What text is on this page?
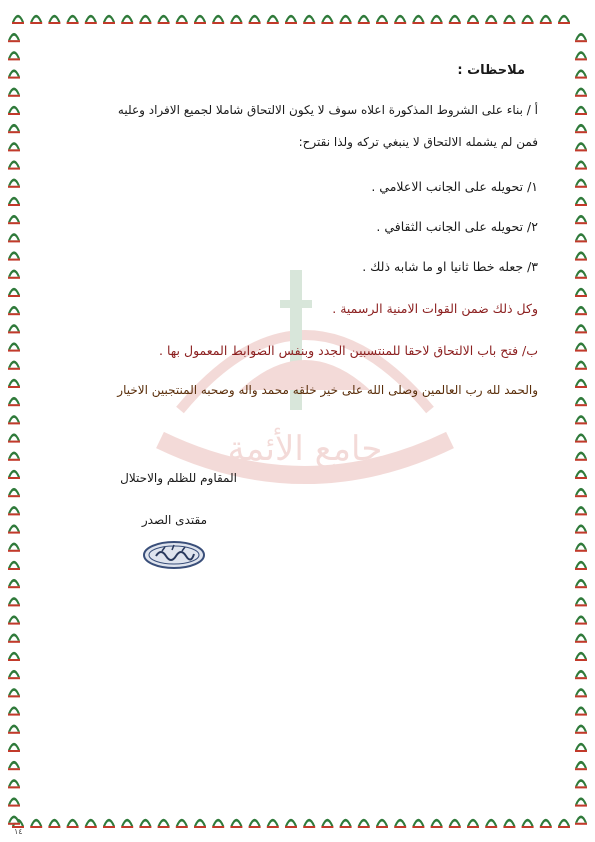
جامع الأئمة
ملاحظات :
أ / بناء على الشروط المذكورة اعلاه سوف لا يكون الالتحاق شاملا لجميع الافراد وعليه
فمن لم يشمله الالتحاق لا ينبغي تركه ولذا نقترح:
١/ تحويله على الجانب الاعلامي .
٢/ تحويله على الجانب الثقافي .
٣/ جعله خطا ثانيا او ما شابه ذلك .
وكل ذلك ضمن القوات الامنية الرسمية .
ب/ فتح باب الالتحاق لاحقا للمنتسبين الجدد وبنفس الضوابط المعمول بها .
والحمد لله رب العالمين وصلى الله على خير خلقه محمد واله وصحبه المنتجبين الاخيار
المقاوم للظلم والاحتلال
مقتدى الصدر
١٤
